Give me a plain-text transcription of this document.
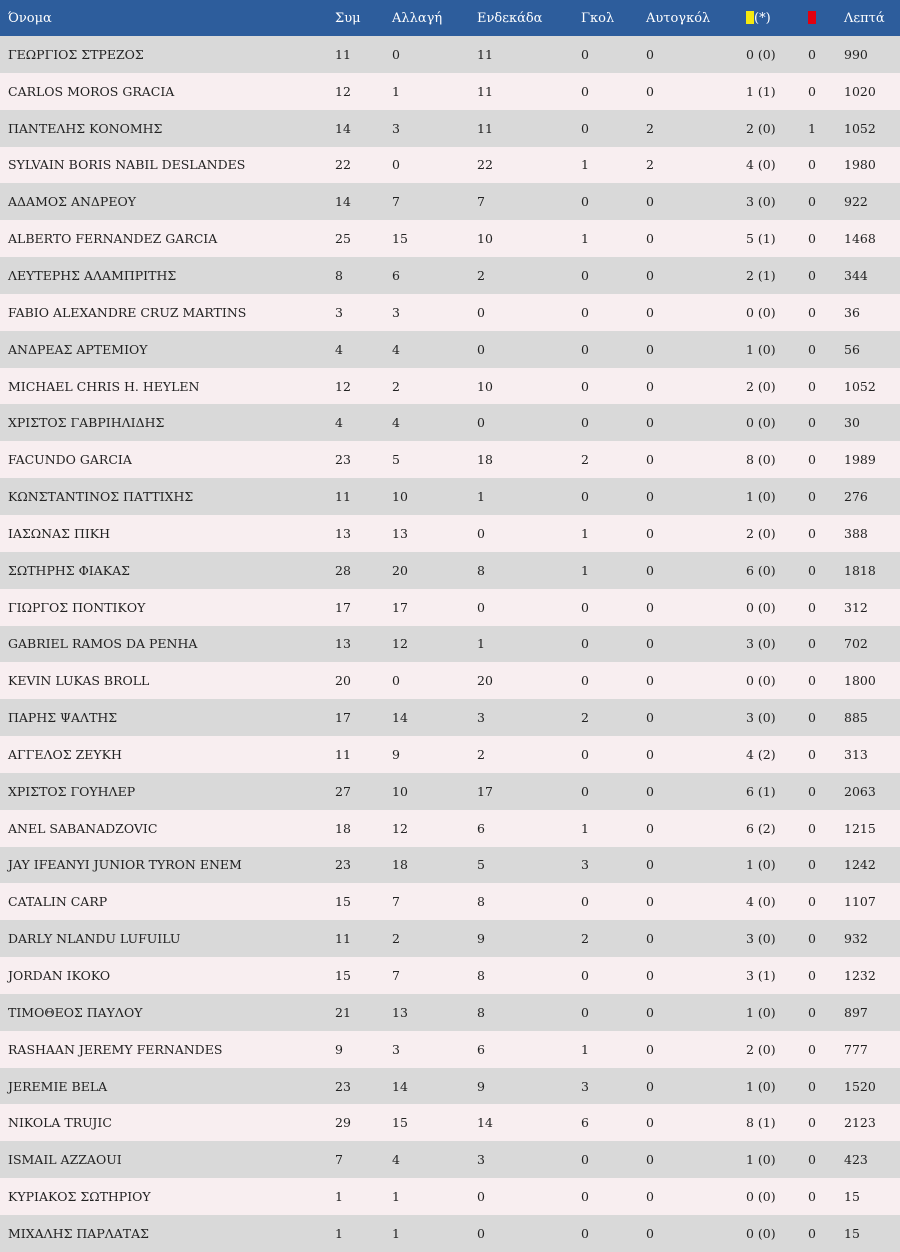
Όνομα	Συμ	Αλλαγή	Ενδεκάδα	Γκολ	Αυτογκόλ	(*)		Λεπτά
ΓΕΩΡΓΙΟΣ ΣΤΡΕΖΟΣ	11	0	11	0	0	0 (0)	0	990
CARLOS MOROS GRACIA	12	1	11	0	0	1 (1)	0	1020
ΠΑΝΤΕΛΗΣ ΚΟΝΟΜΗΣ	14	3	11	0	2	2 (0)	1	1052
SYLVAIN BORIS NABIL DESLANDES	22	0	22	1	2	4 (0)	0	1980
ΑΔΑΜΟΣ ΑΝΔΡΕΟΥ	14	7	7	0	0	3 (0)	0	922
ALBERTO FERNANDEZ GARCIA	25	15	10	1	0	5 (1)	0	1468
ΛΕΥΤΕΡΗΣ ΑΛΑΜΠΡΙΤΗΣ	8	6	2	0	0	2 (1)	0	344
FABIO ALEXANDRE CRUZ MARTINS	3	3	0	0	0	0 (0)	0	36
ΑΝΔΡΕΑΣ ΑΡΤΕΜΙΟΥ	4	4	0	0	0	1 (0)	0	56
MICHAEL CHRIS H. HEYLEN	12	2	10	0	0	2 (0)	0	1052
ΧΡΙΣΤΟΣ ΓΑΒΡΙΗΛΙΔΗΣ	4	4	0	0	0	0 (0)	0	30
FACUNDO GARCIA	23	5	18	2	0	8 (0)	0	1989
ΚΩΝΣΤΑΝΤΙΝΟΣ ΠΑΤΤΙΧΗΣ	11	10	1	0	0	1 (0)	0	276
ΙΑΣΩΝΑΣ ΠΙΚΗ	13	13	0	1	0	2 (0)	0	388
ΣΩΤΗΡΗΣ ΦΙΑΚΑΣ	28	20	8	1	0	6 (0)	0	1818
ΓΙΩΡΓΟΣ ΠΟΝΤΙΚΟΥ	17	17	0	0	0	0 (0)	0	312
GABRIEL RAMOS DA PENHA	13	12	1	0	0	3 (0)	0	702
KEVIN LUKAS BROLL	20	0	20	0	0	0 (0)	0	1800
ΠΑΡΗΣ ΨΑΛΤΗΣ	17	14	3	2	0	3 (0)	0	885
ΑΓΓΕΛΟΣ ΖΕΥΚΗ	11	9	2	0	0	4 (2)	0	313
ΧΡΙΣΤΟΣ ΓΟΥΗΛΕΡ	27	10	17	0	0	6 (1)	0	2063
ANEL SABANADZOVIC	18	12	6	1	0	6 (2)	0	1215
JAY IFEANYI JUNIOR TYRON ENEM	23	18	5	3	0	1 (0)	0	1242
CATALIN CARP	15	7	8	0	0	4 (0)	0	1107
DARLY NLANDU LUFUILU	11	2	9	2	0	3 (0)	0	932
JORDAN IKOKO	15	7	8	0	0	3 (1)	0	1232
ΤΙΜΟΘΕΟΣ ΠΑΥΛΟΥ	21	13	8	0	0	1 (0)	0	897
RASHAAN JEREMY FERNANDES	9	3	6	1	0	2 (0)	0	777
JEREMIE BELA	23	14	9	3	0	1 (0)	0	1520
NIKOLA TRUJIC	29	15	14	6	0	8 (1)	0	2123
ISMAIL AZZAOUI	7	4	3	0	0	1 (0)	0	423
ΚΥΡΙΑΚΟΣ ΣΩΤΗΡΙΟΥ	1	1	0	0	0	0 (0)	0	15
ΜΙΧΑΛΗΣ ΠΑΡΛΑΤΑΣ	1	1	0	0	0	0 (0)	0	15
